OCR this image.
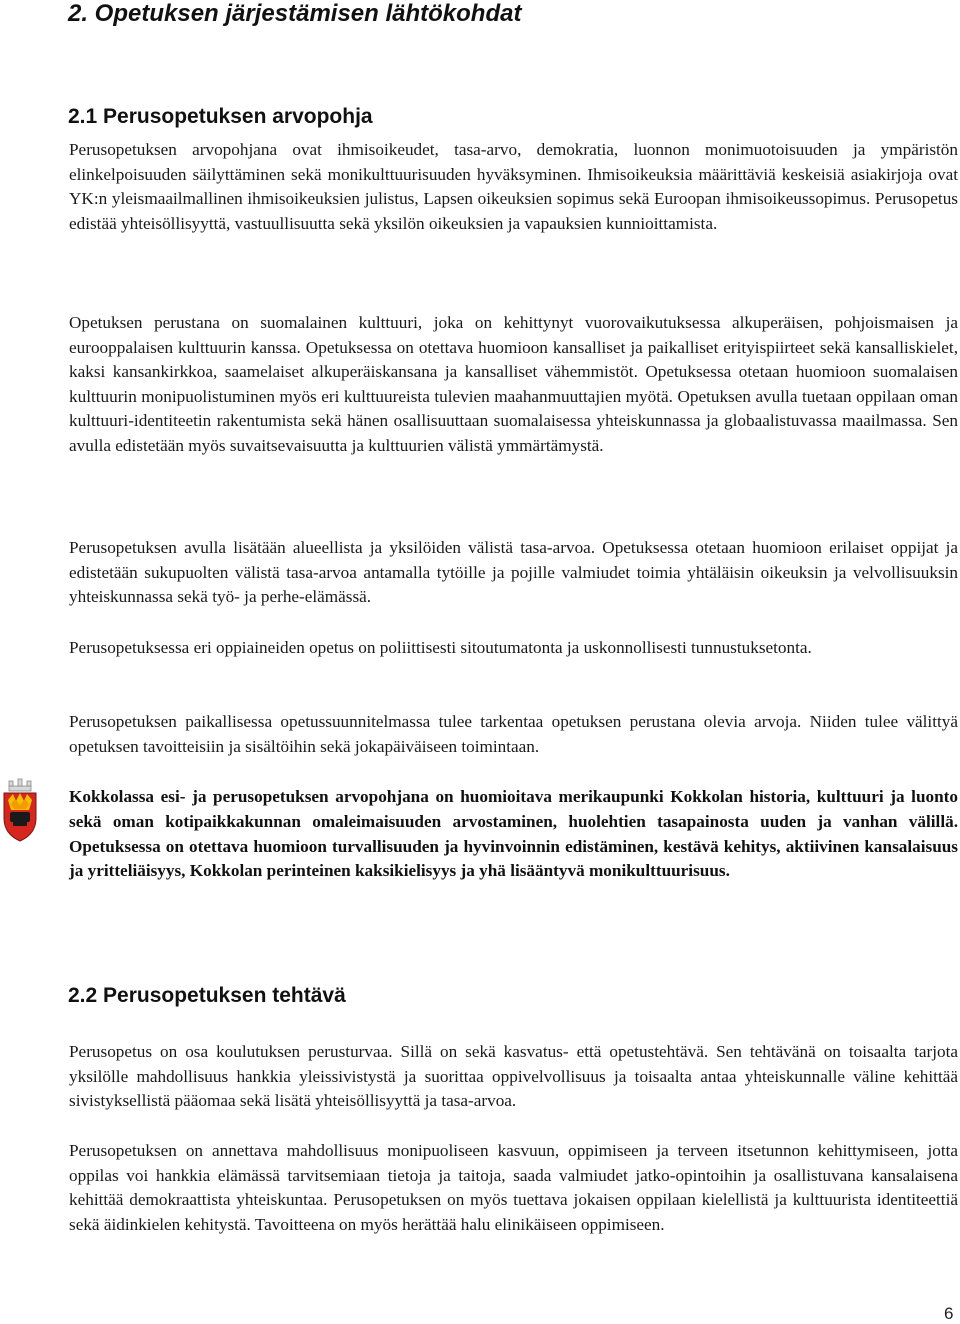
2. Opetuksen järjestämisen lähtökohdat
2.1 Perusopetuksen arvopohja

Perusopetuksen arvopohjana ovat ihmisoikeudet, tasa-arvo, demokratia, luonnon monimuotoisuuden ja ympäristön elinkelpoisuuden säilyttäminen sekä monikulttuurisuuden hyväksyminen. Ihmisoikeuksia määrittäviä keskeisiä asiakirjoja ovat YK:n yleismaailmallinen ihmisoikeuksien julistus, Lapsen oikeuksien sopimus sekä Euroopan ihmisoikeussopimus. Perusopetus edistää yhteisöllisyyttä, vastuullisuutta sekä yksilön oikeuksien ja vapauksien kunnioittamista.

Opetuksen perustana on suomalainen kulttuuri, joka on kehittynyt vuorovaikutuksessa alkuperäisen, pohjoismaisen ja eurooppalaisen kulttuurin kanssa. Opetuksessa on otettava huomioon kansalliset ja paikalliset erityispiirteet sekä kansalliskielet, kaksi kansankirkkoa, saamelaiset alkuperäiskansana ja kansalliset vähemmistöt. Opetuksessa otetaan huomioon suomalaisen kulttuurin monipuolistuminen myös eri kulttuureista tulevien maahanmuuttajien myötä. Opetuksen avulla tuetaan oppilaan oman kulttuuri-identiteetin rakentumista sekä hänen osallisuuttaan suomalaisessa yhteiskunnassa ja globaalistuvassa maailmassa. Sen avulla edistetään myös suvaitsevaisuutta ja kulttuurien välistä ymmärtämystä.

Perusopetuksen avulla lisätään alueellista ja yksilöiden välistä tasa-arvoa. Opetuksessa otetaan huomioon erilaiset oppijat ja edistetään sukupuolten välistä tasa-arvoa antamalla tytöille ja pojille valmiudet toimia yhtäläisin oikeuksin ja velvollisuuksin yhteiskunnassa sekä työ- ja perhe-elämässä.

Perusopetuksessa eri oppiaineiden opetus on poliittisesti sitoutumatonta ja uskonnollisesti tunnustuksetonta.

Perusopetuksen paikallisessa opetussuunnitelmassa tulee tarkentaa opetuksen perustana olevia arvoja. Niiden tulee välittyä opetuksen tavoitteisiin ja sisältöihin sekä jokapäiväiseen toimintaan.

Kokkolassa esi- ja perusopetuksen arvopohjana on huomioitava merikaupunki Kokkolan historia, kulttuuri ja luonto sekä oman kotipaikkakunnan omaleimaisuuden arvostaminen, huolehtien tasapainosta uuden ja vanhan välillä. Opetuksessa on otettava huomioon turvallisuuden ja hyvinvoinnin edistäminen, kestävä kehitys, aktiivinen kansalaisuus ja yritteliäisyys, Kokkolan perinteinen kaksikielisyys ja yhä lisääntyvä monikulttuurisuus.

2.2 Perusopetuksen tehtävä

Perusopetus on osa koulutuksen perusturvaa. Sillä on sekä kasvatus- että opetustehtävä. Sen tehtävänä on toisaalta tarjota yksilölle mahdollisuus hankkia yleissivistystä ja suorittaa oppivelvollisuus ja toisaalta antaa yhteiskunnalle väline kehittää sivistyksellistä pääomaa sekä lisätä yhteisöllisyyttä ja tasa-arvoa.

Perusopetuksen on annettava mahdollisuus monipuoliseen kasvuun, oppimiseen ja terveen itsetunnon kehittymiseen, jotta oppilas voi hankkia elämässä tarvitsemiaan tietoja ja taitoja, saada valmiudet jatko-opintoihin ja osallistuvana kansalaisena kehittää demokraattista yhteiskuntaa. Perusopetuksen on myös tuettava jokaisen oppilaan kielellistä ja kulttuurista identiteettiä sekä äidinkielen kehitystä. Tavoitteena on myös herättää halu elinikäiseen oppimiseen.

6
